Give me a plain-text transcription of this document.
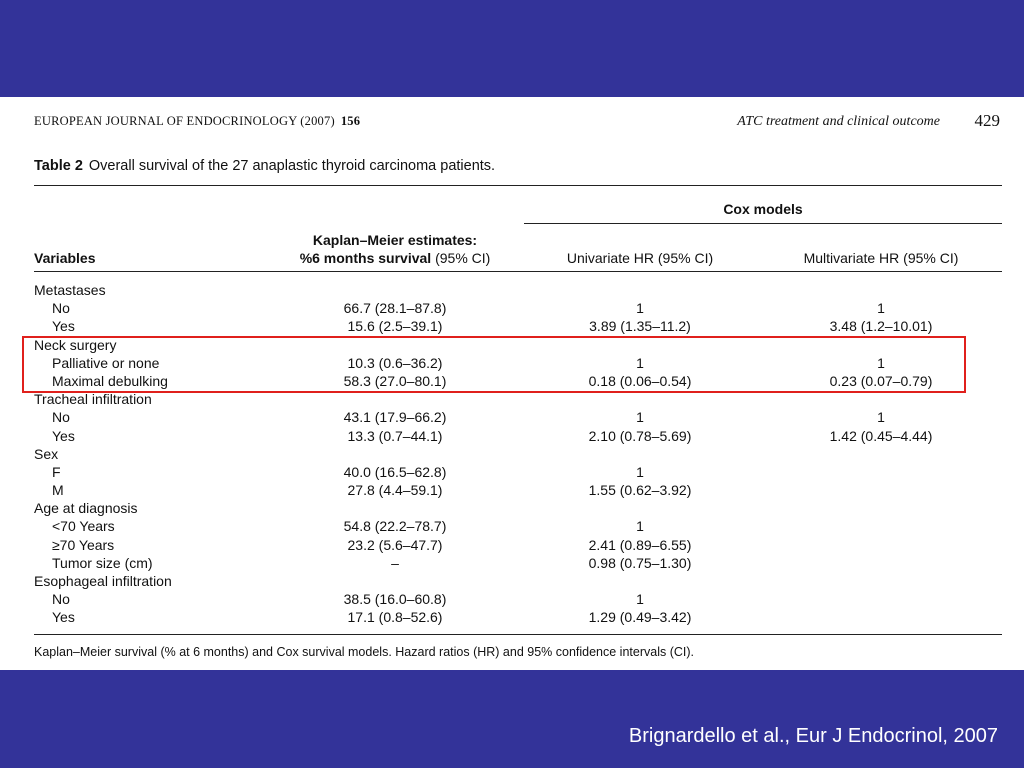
EUROPEAN JOURNAL OF ENDOCRINOLOGY (2007) 156	ATC treatment and clinical outcome 429
Table 2 Overall survival of the 27 anaplastic thyroid carcinoma patients.
Cox models
Variables
Kaplan–Meier estimates:
%6 months survival (95% CI)	Univariate HR (95% CI)	Multivariate HR (95% CI)
Metastases
No	66.7 (28.1–87.8)	1	1
Yes	15.6 (2.5–39.1)	3.89 (1.35–11.2)	3.48 (1.2–10.01)
Neck surgery
Palliative or none	10.3 (0.6–36.2)	1	1
Maximal debulking	58.3 (27.0–80.1)	0.18 (0.06–0.54)	0.23 (0.07–0.79)
Tracheal infiltration
No	43.1 (17.9–66.2)	1	1
Yes	13.3 (0.7–44.1)	2.10 (0.78–5.69)	1.42 (0.45–4.44)
Sex
F	40.0 (16.5–62.8)	1
M	27.8 (4.4–59.1)	1.55 (0.62–3.92)
Age at diagnosis
<70 Years	54.8 (22.2–78.7)	1
≥70 Years	23.2 (5.6–47.7)	2.41 (0.89–6.55)
Tumor size (cm)	–	0.98 (0.75–1.30)
Esophageal infiltration
No	38.5 (16.0–60.8)	1
Yes	17.1 (0.8–52.6)	1.29 (0.49–3.42)
Kaplan–Meier survival (% at 6 months) and Cox survival models. Hazard ratios (HR) and 95% confidence intervals (CI).
Brignardello et al., Eur J Endocrinol, 2007
